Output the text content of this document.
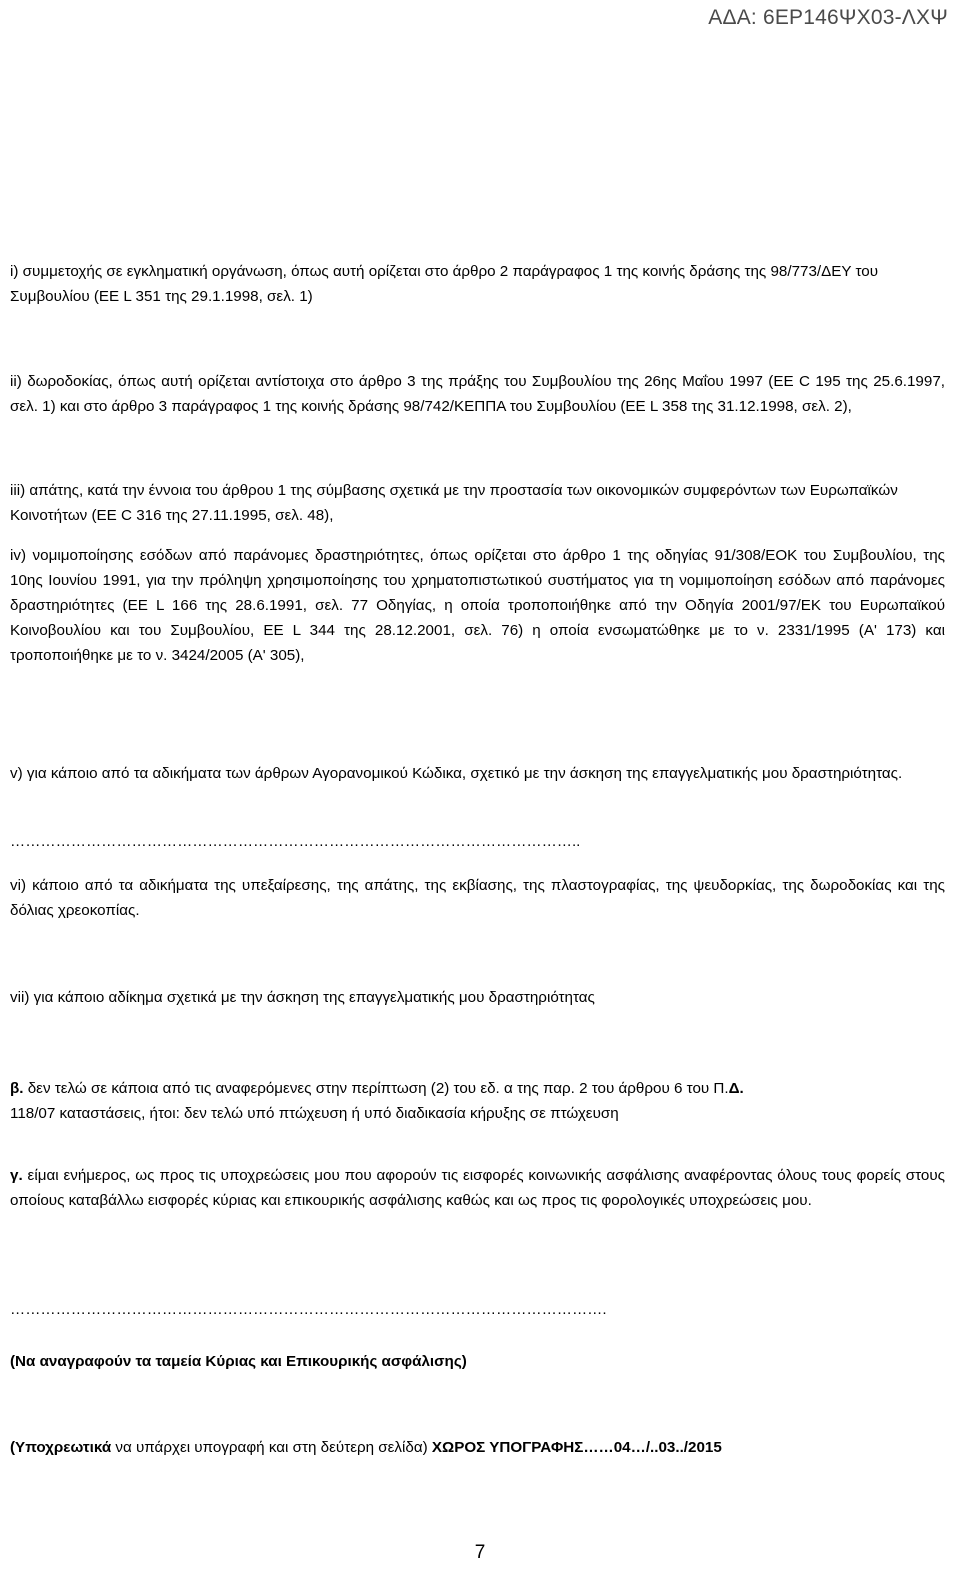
ΑΔΑ: 6ΕΡ146ΨΧ03-ΛΧΨ

i) συμμετοχής σε εγκληματική οργάνωση, όπως αυτή ορίζεται στο άρθρο 2 παράγραφος 1 της κοινής δράσης της 98/773/ΔΕΥ του Συμβουλίου (ΕΕ L 351 της 29.1.1998, σελ. 1)

ii) δωροδοκίας, όπως αυτή ορίζεται αντίστοιχα στο άρθρο 3 της πράξης του Συμβουλίου της 26ης Μαΐου 1997 (ΕΕ C 195 της 25.6.1997, σελ. 1) και στο άρθρο 3 παράγραφος 1 της κοινής δράσης 98/742/ΚΕΠΠΑ του Συμβουλίου (ΕΕ L 358 της 31.12.1998, σελ. 2),

iii) απάτης, κατά την έννοια του άρθρου 1 της σύμβασης σχετικά με την προστασία των οικονομικών συμφερόντων των Ευρωπαϊκών Κοινοτήτων (ΕΕ C 316 της 27.11.1995, σελ. 48),

iv) νομιμοποίησης εσόδων από παράνομες δραστηριότητες, όπως ορίζεται στο άρθρο 1 της οδηγίας 91/308/ΕΟΚ του Συμβουλίου, της 10ης Ιουνίου 1991, για την πρόληψη χρησιμοποίησης του χρηματοπιστωτικού συστήματος για τη νομιμοποίηση εσόδων από παράνομες δραστηριότητες (ΕΕ L 166 της 28.6.1991, σελ. 77 Οδηγίας, η οποία τροποποιήθηκε από την Οδηγία 2001/97/ΕΚ του Ευρωπαϊκού Κοινοβουλίου και του Συμβουλίου, ΕΕ L 344 της 28.12.2001, σελ. 76) η οποία ενσωματώθηκε με το ν. 2331/1995 (Α' 173) και τροποποιήθηκε με το ν. 3424/2005 (Α' 305),

v) για κάποιο από τα αδικήματα των άρθρων Αγορανομικού Κώδικα, σχετικό με την άσκηση της επαγγελματικής μου δραστηριότητας.

…………………………………………………………………………………………………..

vi) κάποιο από τα αδικήματα της υπεξαίρεσης, της απάτης, της εκβίασης, της πλαστογραφίας, της ψευδορκίας, της δωροδοκίας και της δόλιας χρεοκοπίας.

vii) για κάποιο αδίκημα σχετικά με την άσκηση της επαγγελματικής μου δραστηριότητας

β. δεν τελώ σε κάποια από τις αναφερόμενες στην περίπτωση (2) του εδ. α της παρ. 2 του άρθρου 6 του Π.Δ.
118/07 καταστάσεις, ήτοι: δεν τελώ υπό πτώχευση ή υπό διαδικασία κήρυξης σε πτώχευση

γ. είμαι ενήμερος, ως προς τις υποχρεώσεις μου που αφορούν τις εισφορές κοινωνικής ασφάλισης αναφέροντας όλους τους φορείς στους οποίους καταβάλλω εισφορές κύριας και επικουρικής ασφάλισης καθώς και ως προς τις φορολογικές υποχρεώσεις μου.

……………………………………………………………………………………………………….

(Να αναγραφούν τα ταμεία Κύριας και Επικουρικής ασφάλισης)

(Υποχρεωτικά να υπάρχει υπογραφή και στη δεύτερη σελίδα) ΧΩΡΟΣ ΥΠΟΓΡΑΦΗΣ……04…/..03../2015

7
